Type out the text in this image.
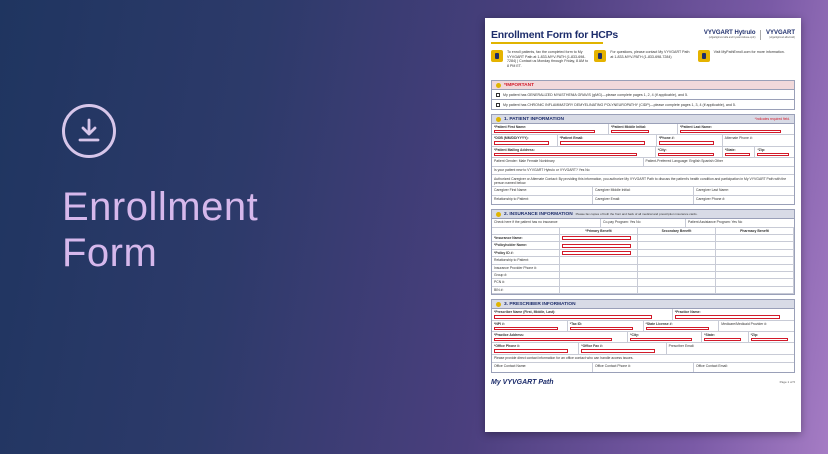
Enrollment
Form
Enrollment Form for HCPs	VYVGART Hytrulo
(efgartigimod alfa and hyaluronidase-qvfc)
VYVGART
(efgartigimod alfa-fcab)

To enroll patients, fax the completed form to My VYVGART Path at 1-833-MYV-PATH (1-833-698-7284) | Contact us Monday through Friday, 8 AM to 8 PM ET.

For questions, please contact My VYVGART Path at 1-833-MYV-PATH (1-833-698-7284)

Visit MyPathEnroll.com for more information.

*IMPORTANT
My patient has GENERALIZED MYASTHENIA GRAVIS (gMG)—please complete pages 1, 2, 4 (if applicable), and 5.
My patient has CHRONIC INFLAMMATORY DEMYELINATING POLYNEUROPATHY (CIDP)—please complete pages 1, 3, 4 (if applicable), and 5.
1. PATIENT INFORMATION	*Indicates required field.
*Patient First Name:	*Patient Middle Initial:	*Patient Last Name:
*DOB (MM/DD/YYYY):	*Patient Email:	*Phone #:	Alternate Phone #:
*Patient Mailing Address:	*City:	*State:	*Zip:
Patient Gender: Male Female Nonbinary	Patient-Preferred Language: English Spanish Other
Is your patient new to VYVGART Hytrulo or VYVGART? Yes No
Authorized Caregiver or Alternate Contact: By providing this information, you authorize My VYVGART Path to discuss the patient's health condition and participation in My VYVGART Path with the person named below.
Caregiver First Name:	Caregiver Middle Initial:	Caregiver Last Name:
Relationship to Patient:	Caregiver Email:	Caregiver Phone #:
2. INSURANCE INFORMATION Please fax copies of both the front and back of all medical and prescription insurance cards.
Check here if the patient has no insurance	Co-pay Program: Yes No	Patient Assistance Program: Yes No
*Primary Benefit	Secondary Benefit	Pharmacy Benefit
*Insurance Name:
*Policyholder Name:
*Policy ID #:
Relationship to Patient:
Insurance Provider Phone #:
Group #:
PCN #:
BIN #:
3. PRESCRIBER INFORMATION
*Prescriber Name (First, Middle, Last):	*Practice Name:
*NPI #:	*Tax ID:	*State License #:	Medicare/Medicaid Provider #:
*Practice Address:	*City:	*State:	*Zip:
*Office Phone #:	*Office Fax #:	Prescriber Email:
Please provide direct contact information for an office contact who can handle access issues.
Office Contact Name:	Office Contact Phone #:	Office Contact Email:
My VYVGART Path	Page 1 of 5
